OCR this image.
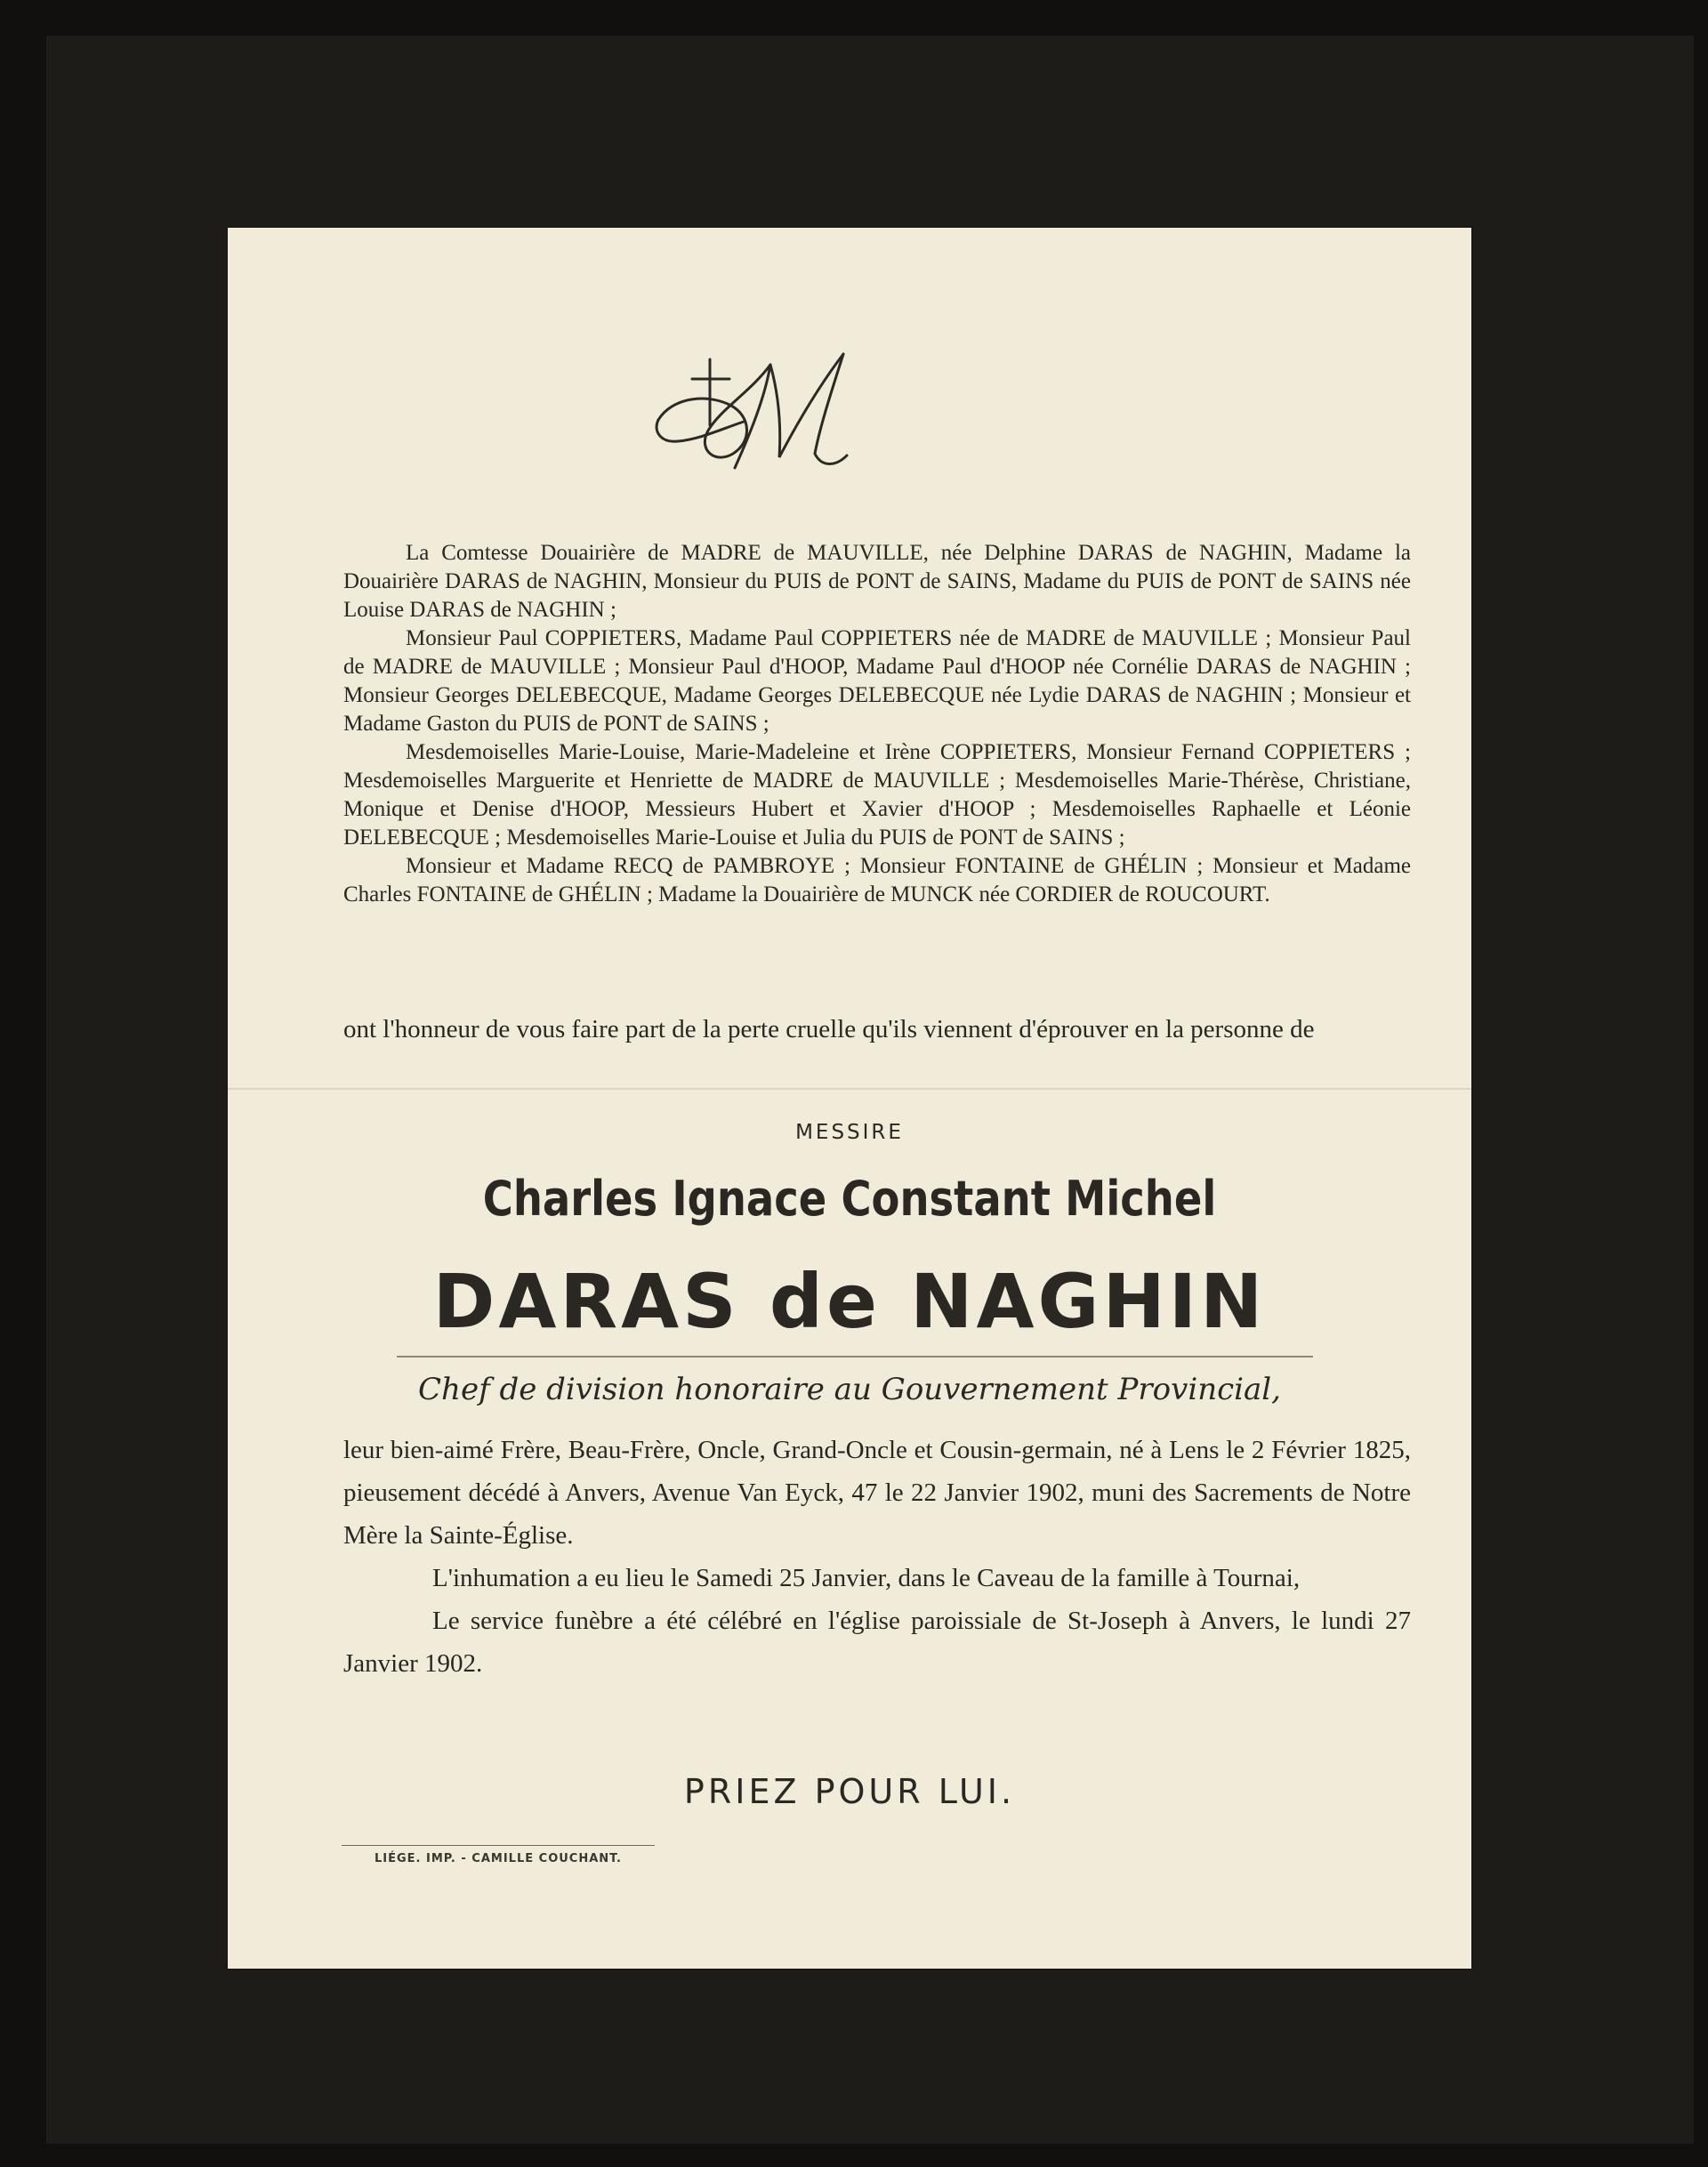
✝

La Comtesse Douairière de MADRE de MAUVILLE, née Delphine DARAS de NAGHIN, Madame la Douairière DARAS de NAGHIN, Monsieur du PUIS de PONT de SAINS, Madame du PUIS de PONT de SAINS née Louise DARAS de NAGHIN ;

Monsieur Paul COPPIETERS, Madame Paul COPPIETERS née de MADRE de MAUVILLE ; Monsieur Paul de MADRE de MAUVILLE ; Monsieur Paul d'HOOP, Madame Paul d'HOOP née Cornélie DARAS de NAGHIN ; Monsieur Georges DELEBECQUE, Madame Georges DELEBECQUE née Lydie DARAS de NAGHIN ; Monsieur et Madame Gaston du PUIS de PONT de SAINS ;

Mesdemoiselles Marie-Louise, Marie-Madeleine et Irène COPPIETERS, Monsieur Fernand COPPIETERS ; Mesdemoiselles Marguerite et Henriette de MADRE de MAUVILLE ; Mesdemoiselles Marie-Thérèse, Christiane, Monique et Denise d'HOOP, Messieurs Hubert et Xavier d'HOOP ; Mesdemoiselles Raphaelle et Léonie DELEBECQUE ; Mesdemoiselles Marie-Louise et Julia du PUIS de PONT de SAINS ;

Monsieur et Madame RECQ de PAMBROYE ; Monsieur FONTAINE de GHÉLIN ; Monsieur et Madame Charles FONTAINE de GHÉLIN ; Madame la Douairière de MUNCK née CORDIER de ROUCOURT.

ont l'honneur de vous faire part de la perte cruelle qu'ils viennent d'éprouver en la personne de
MESSIRE
Charles Ignace Constant Michel
DARAS de NAGHIN
Chef de division honoraire au Gouvernement Provincial,

leur bien-aimé Frère, Beau-Frère, Oncle, Grand-Oncle et Cousin-germain, né à Lens le 2 Février 1825, pieusement décédé à Anvers, Avenue Van Eyck, 47 le 22 Janvier 1902, muni des Sacrements de Notre Mère la Sainte-Église.

L'inhumation a eu lieu le Samedi 25 Janvier, dans le Caveau de la famille à Tournai,

Le service funèbre a été célébré en l'église paroissiale de St-Joseph à Anvers, le lundi 27 Janvier 1902.

PRIEZ POUR LUI.
LIÉGE. IMP. - CAMILLE COUCHANT.
